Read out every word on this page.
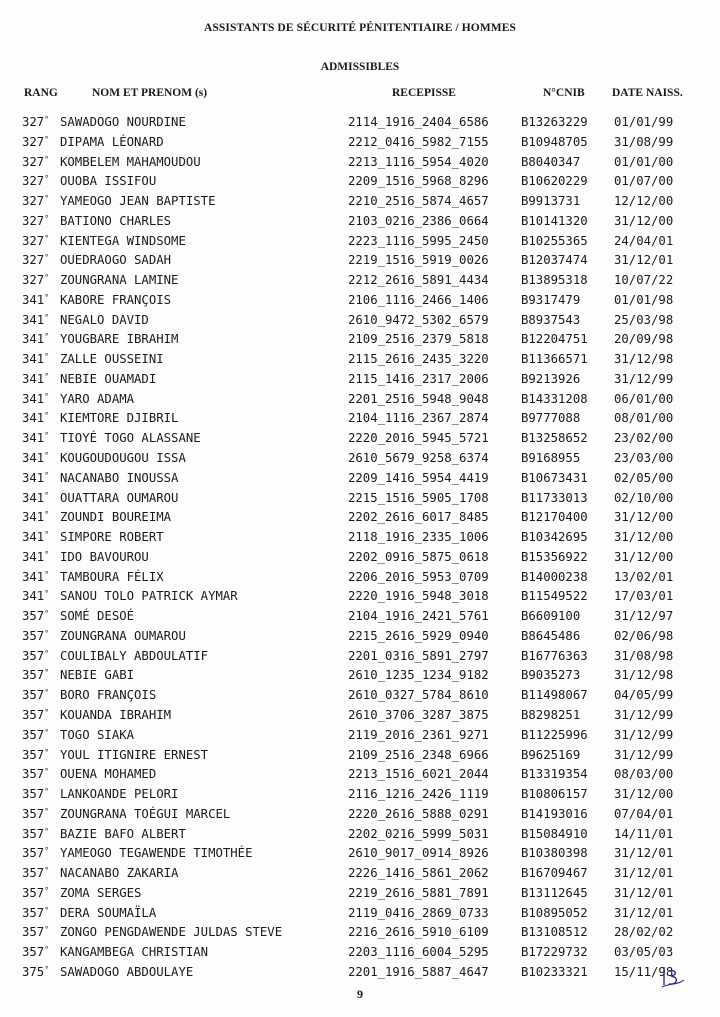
ASSISTANTS DE SÉCURITÉ PÉNITENTIAIRE / HOMMES
ADMISSIBLES
RANG	NOM ET PRENOM (s)	RECEPISSE	N°CNIB DATE NAISS.
327° SAWADOGO NOURDINE	2114_1916_2404_6586	B13263229 01/01/99
327° DIPAMA LÉONARD	2212_0416_5982_7155	B10948705 31/08/99
327° KOMBELEM MAHAMOUDOU	2213_1116_5954_4020	B8040347	01/01/00
327° OUOBA ISSIFOU	2209_1516_5968_8296	B10620229 01/07/00
327° YAMEOGO JEAN BAPTISTE	2210_2516_5874_4657	B9913731	12/12/00
327° BATIONO CHARLES	2103_0216_2386_0664	B10141320 31/12/00
327° KIENTEGA WINDSOME	2223_1116_5995_2450	B10255365 24/04/01
327° OUEDRAOGO SADAH	2219_1516_5919_0026	B12037474 31/12/01
327° ZOUNGRANA LAMINE	2212_2616_5891_4434	B13895318 10/07/22
341° KABORE FRANÇOIS	2106_1116_2466_1406	B9317479	01/01/98
341° NEGALO DAVID	2610_9472_5302_6579	B8937543	25/03/98
341° YOUGBARE IBRAHIM	2109_2516_2379_5818	B12204751 20/09/98
341° ZALLE OUSSEINI	2115_2616_2435_3220	B11366571 31/12/98
341° NEBIE OUAMADI	2115_1416_2317_2006	B9213926	31/12/99
341° YARO ADAMA	2201_2516_5948_9048	B14331208 06/01/00
341° KIEMTORE DJIBRIL	2104_1116_2367_2874	B9777088	08/01/00
341° TIOYÉ TOGO ALASSANE	2220_2016_5945_5721	B13258652 23/02/00
341° KOUGOUDOUGOU ISSA	2610_5679_9258_6374	B9168955	23/03/00
341° NACANABO INOUSSA	2209_1416_5954_4419	B10673431 02/05/00
341° OUATTARA OUMAROU	2215_1516_5905_1708	B11733013 02/10/00
341° ZOUNDI BOUREIMA	2202_2616_6017_8485	B12170400 31/12/00
341° SIMPORE ROBERT	2118_1916_2335_1006	B10342695 31/12/00
341° IDO BAVOUROU	2202_0916_5875_0618	B15356922 31/12/00
341° TAMBOURA FÉLIX	2206_2016_5953_0709	B14000238 13/02/01
341° SANOU TOLO PATRICK AYMAR	2220_1916_5948_3018	B11549522 17/03/01
357° SOMÉ DESOÉ	2104_1916_2421_5761	B6609100	31/12/97
357° ZOUNGRANA OUMAROU	2215_2616_5929_0940	B8645486	02/06/98
357° COULIBALY ABDOULATIF	2201_0316_5891_2797	B16776363 31/08/98
357° NEBIE GABI	2610_1235_1234_9182	B9035273	31/12/98
357° BORO FRANÇOIS	2610_0327_5784_8610	B11498067 04/05/99
357° KOUANDA IBRAHIM	2610_3706_3287_3875	B8298251	31/12/99
357° TOGO SIAKA	2119_2016_2361_9271	B11225996 31/12/99
357° YOUL ITIGNIRE ERNEST	2109_2516_2348_6966	B9625169	31/12/99
357° OUENA MOHAMED	2213_1516_6021_2044	B13319354 08/03/00
357° LANKOANDE PELORI	2116_1216_2426_1119	B10806157 31/12/00
357° ZOUNGRANA TOÉGUI MARCEL	2220_2616_5888_0291	B14193016 07/04/01
357° BAZIE BAFO ALBERT	2202_0216_5999_5031	B15084910 14/11/01
357° YAMEOGO TEGAWENDE TIMOTHÉE	2610_9017_0914_8926	B10380398 31/12/01
357° NACANABO ZAKARIA	2226_1416_5861_2062	B16709467 31/12/01
357° ZOMA SERGES	2219_2616_5881_7891	B13112645 31/12/01
357° DERA SOUMAÏLA	2119_0416_2869_0733	B10895052 31/12/01
357° ZONGO PENGDAWENDE JULDAS STEVE	2216_2616_5910_6109	B13108512 28/02/02
357° KANGAMBEGA CHRISTIAN	2203_1116_6004_5295	B17229732 03/05/03
375° SAWADOGO ABDOULAYE	2201_1916_5887_4647	B10233321 15/11/98
9
